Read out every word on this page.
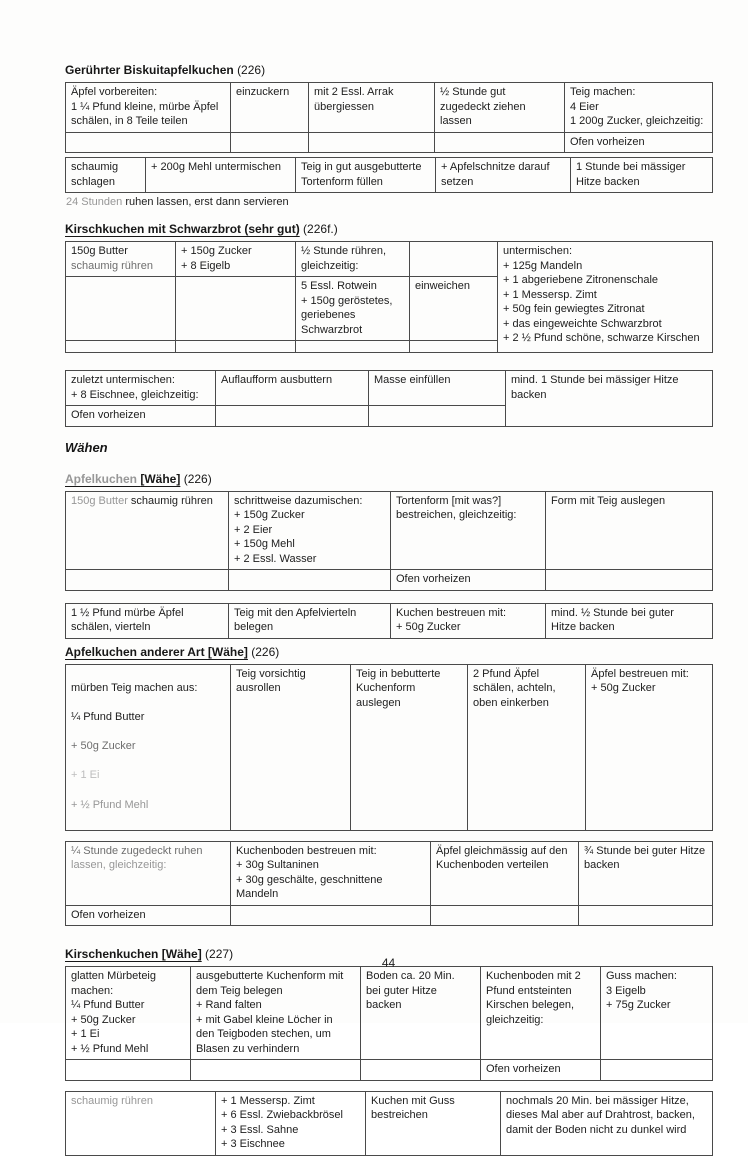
Gerührter Biskuitapfelkuchen (226)
Äpfel vorbereiten:
1 ¼ Pfund kleine, mürbe Äpfel
schälen, in 8 Teile teilen	einzuckern	mit 2 Essl. Arrak
übergiessen	½ Stunde gut
zugedeckt ziehen
lassen	Teig machen:
4 Eier
1 200g Zucker, gleichzeitig:
				Ofen vorheizen
schaumig
schlagen	+ 200g Mehl untermischen	Teig in gut ausgebutterte
Tortenform füllen	+ Apfelschnitze darauf
setzen	1 Stunde bei mässiger
Hitze backen

24 Stunden ruhen lassen, erst dann servieren

Kirschkuchen mit Schwarzbrot (sehr gut) (226f.)
150g Butter
schaumig rühren
	+ 150g Zucker
+ 8 Eigelb	½ Stunde rühren,
gleichzeitig:		untermischen:
+ 125g Mandeln
+ 1 abgeriebene Zitronenschale
+ 1 Messersp. Zimt
+ 50g fein gewiegtes Zitronat
+ das eingeweichte Schwarzbrot
+ 2 ½ Pfund schöne, schwarze Kirschen
		5 Essl. Rotwein
+ 150g geröstetes,
geriebenes
Schwarzbrot	einweichen	

zuletzt untermischen:
+ 8 Eischnee, gleichzeitig:	Auflaufform ausbuttern	Masse einfüllen	mind. 1 Stunde bei mässiger Hitze
backen
Ofen vorheizen			
Wähen
Apfelkuchen [Wähe] (226)
150g Butter schaumig rühren	schrittweise dazumischen:
+ 150g Zucker
+ 2 Eier
+ 150g Mehl
+ 2 Essl. Wasser	Tortenform [mit was?]
bestreichen, gleichzeitig:	Form mit Teig auslegen
		Ofen vorheizen	
1 ½ Pfund mürbe Äpfel
schälen, vierteln	Teig mit den Apfelvierteln
belegen	Kuchen bestreuen mit:
+ 50g Zucker	mind. ½ Stunde bei guter
Hitze backen
Apfelkuchen anderer Art [Wähe] (226)

mürben Teig machen aus:

¼ Pfund Butter

+ 50g Zucker

+ 1 Ei

+ ½ Pfund Mehl

	Teig vorsichtig
ausrollen	Teig in bebutterte
Kuchenform auslegen	2 Pfund Äpfel
schälen, achteln,
oben einkerben	Äpfel bestreuen mit:
+ 50g Zucker
¼ Stunde zugedeckt ruhen
lassen, gleichzeitig:
	Kuchenboden bestreuen mit:
+ 30g Sultaninen
+ 30g geschälte, geschnittene Mandeln	Äpfel gleichmässig auf den
Kuchenboden verteilen	¾ Stunde bei guter Hitze
backen
Ofen vorheizen			
Kirschenkuchen [Wähe] (227)
glatten Mürbeteig
machen:
¼ Pfund Butter
+ 50g Zucker
+ 1 Ei
+ ½ Pfund Mehl	ausgebutterte Kuchenform mit
dem Teig belegen
+ Rand falten
+ mit Gabel kleine Löcher in
den Teigboden stechen, um
Blasen zu verhindern	Boden ca. 20 Min.
bei guter Hitze
backen	Kuchenboden mit 2
Pfund entsteinten
Kirschen belegen,
gleichzeitig:	Guss machen:
3 Eigelb
+ 75g Zucker
			Ofen vorheizen	
schaumig rühren	+ 1 Messersp. Zimt
+ 6 Essl. Zwiebackbrösel
+ 3 Essl. Sahne
+ 3 Eischnee	Kuchen mit Guss
bestreichen	nochmals 20 Min. bei mässiger Hitze,
dieses Mal aber auf Drahtrost, backen,
damit der Boden nicht zu dunkel wird
44
